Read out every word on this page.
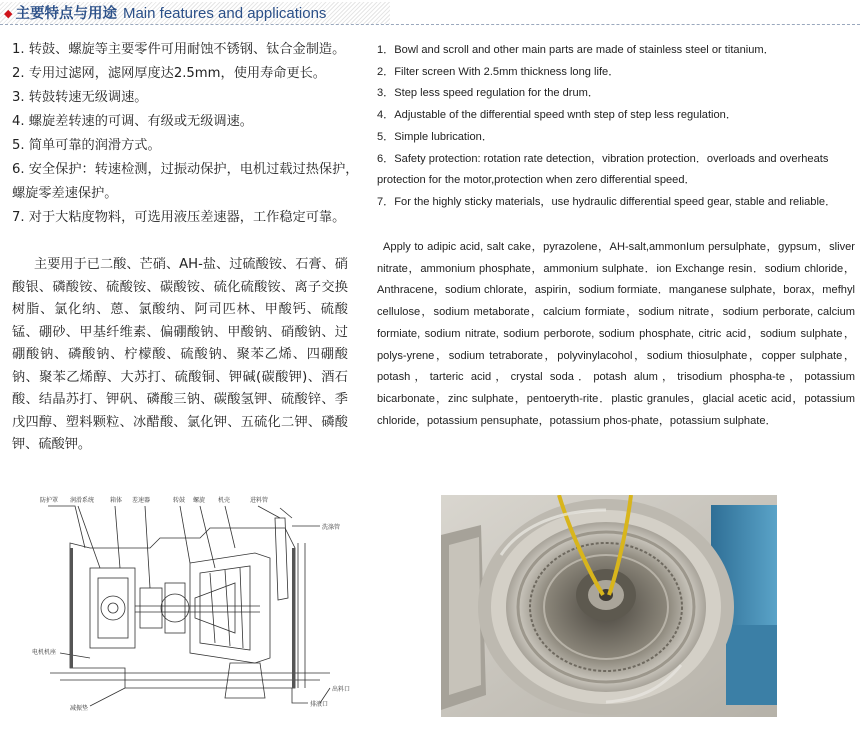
◆ 主要特点与用途 Main features and applications
1. 转鼓、螺旋等主要零件可用耐蚀不锈钢、钛合金制造。
2. 专用过滤网，滤网厚度达2.5mm，使用寿命更长。
3. 转鼓转速无级调速。
4. 螺旋差转速的可调、有级或无级调速。
5. 简单可靠的润滑方式。
6. 安全保护：转速检测，过振动保护，电机过载过热保护，螺旋零差速保护。
7. 对于大粘度物料，可选用液压差速器，工作稳定可靠。

主要用于已二酸、芒硝、AH-盐、过硫酸铵、石膏、硝酸银、磷酸铵、硫酸铵、碳酸铵、硫化硫酸铵、离子交换树脂、氯化纳、蒽、氯酸纳、阿司匹林、甲酸钙、硫酸锰、硼砂、甲基纤维素、偏硼酸钠、甲酸钠、硝酸钠、过硼酸钠、磷酸钠、柠檬酸、硫酸钠、聚苯乙烯、四硼酸钠、聚苯乙烯醇、大苏打、硫酸铜、钾碱(碳酸钾)、酒石酸、结晶苏打、钾矾、磷酸三钠、碳酸氢钾、硫酸锌、季戊四醇、塑料颗粒、冰醋酸、氯化钾、五硫化二钾、磷酸钾、硫酸钾。

1．Bowl and scroll and other main parts are made of stainless steel or titanium．
2．Filter screen With 2.5mm thickness long life．
3．Step less speed regulation for the drum．
4．Adjustable of the differential speed wnth step of step less regulation．
5．Simple lubrication．
6．Safety protection: rotation rate detection，vibration protection．overloads and overheats protection for the motor,protection when zero differential speed．
7．For the highly sticky materials，use hydraulic differential speed gear, stable and reliable．

Apply to adipic acid, salt cake，pyrazolene，AH-salt,ammonIum persulphate，gypsum，sliver nitrate，ammonium phosphate，ammonium sulphate．ion Exchange resin．sodium chloride，Anthracene，sodium chlorate，aspirin，sodium formiate．manganese sulphate，borax，mefhyl cellulose，sodium metaborate，calcium formiate，sodium nitrate，sodium perborate, calcium formiate, sodium nitrate, sodium perborote, sodium phosphate, citric acid，sodium sulphate，polys-yrene，sodium tetraborate，polyvinylacohol，sodium thiosulphate，copper sulphate，potash，tarteric acid，crystal soda．potash alum，trisodium phospha-te，potassium bicarbonate，zinc sulphate，pentoeryth-rite．plastic granules，glacial acetic acid，potassium chloride，potassium pensuphate，potassium phos-phate，potassium sulphate．

防护罩 润滑系统	箱体 差速器	转鼓 螺旋 机壳	进料管
洗涤管
电机机座
减振垫
排液口
出料口
